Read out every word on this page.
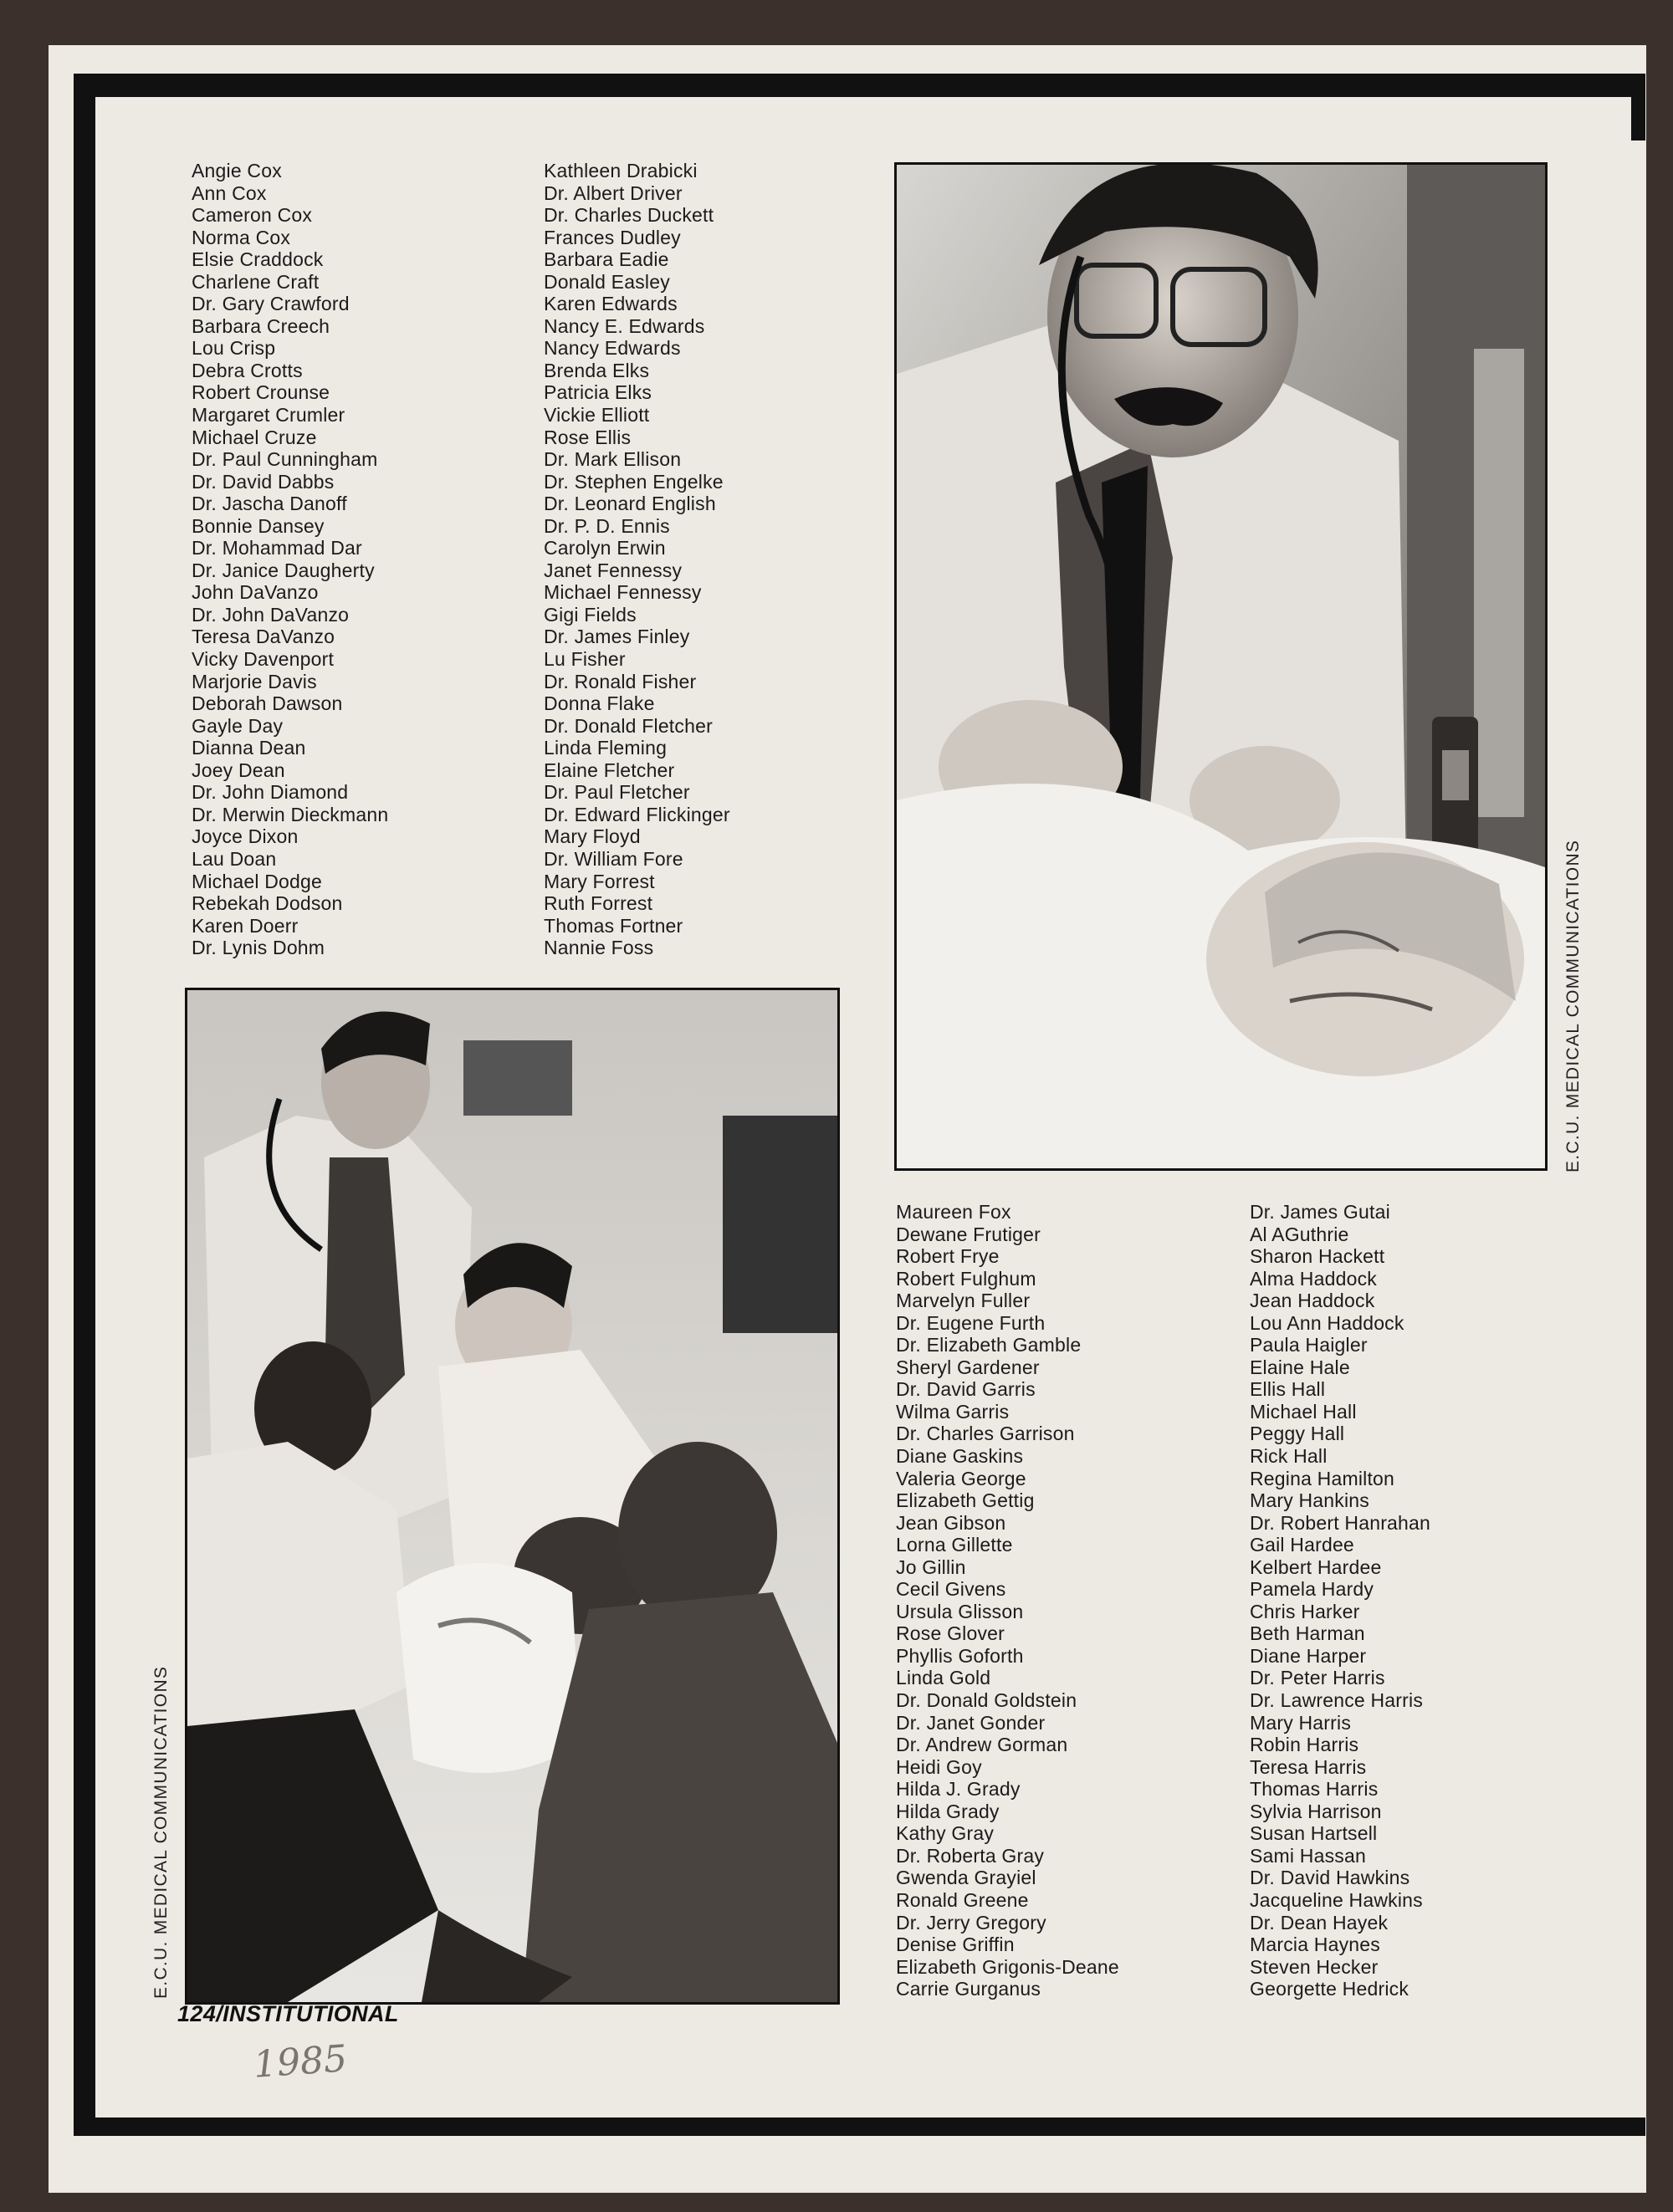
Angie Cox
Ann Cox
Cameron Cox
Norma Cox
Elsie Craddock
Charlene Craft
Dr. Gary Crawford
Barbara Creech
Lou Crisp
Debra Crotts
Robert Crounse
Margaret Crumler
Michael Cruze
Dr. Paul Cunningham
Dr. David Dabbs
Dr. Jascha Danoff
Bonnie Dansey
Dr. Mohammad Dar
Dr. Janice Daugherty
John DaVanzo
Dr. John DaVanzo
Teresa DaVanzo
Vicky Davenport
Marjorie Davis
Deborah Dawson
Gayle Day
Dianna Dean
Joey Dean
Dr. John Diamond
Dr. Merwin Dieckmann
Joyce Dixon
Lau Doan
Michael Dodge
Rebekah Dodson
Karen Doerr
Dr. Lynis Dohm
Kathleen Drabicki
Dr. Albert Driver
Dr. Charles Duckett
Frances Dudley
Barbara Eadie
Donald Easley
Karen Edwards
Nancy E. Edwards
Nancy Edwards
Brenda Elks
Patricia Elks
Vickie Elliott
Rose Ellis
Dr. Mark Ellison
Dr. Stephen Engelke
Dr. Leonard English
Dr. P. D. Ennis
Carolyn Erwin
Janet Fennessy
Michael Fennessy
Gigi Fields
Dr. James Finley
Lu Fisher
Dr. Ronald Fisher
Donna Flake
Dr. Donald Fletcher
Linda Fleming
Elaine Fletcher
Dr. Paul Fletcher
Dr. Edward Flickinger
Mary Floyd
Dr. William Fore
Mary Forrest
Ruth Forrest
Thomas Fortner
Nannie Foss
Maureen Fox
Dewane Frutiger
Robert Frye
Robert Fulghum
Marvelyn Fuller
Dr. Eugene Furth
Dr. Elizabeth Gamble
Sheryl Gardener
Dr. David Garris
Wilma Garris
Dr. Charles Garrison
Diane Gaskins
Valeria George
Elizabeth Gettig
Jean Gibson
Lorna Gillette
Jo Gillin
Cecil Givens
Ursula Glisson
Rose Glover
Phyllis Goforth
Linda Gold
Dr. Donald Goldstein
Dr. Janet Gonder
Dr. Andrew Gorman
Heidi Goy
Hilda J. Grady
Hilda Grady
Kathy Gray
Dr. Roberta Gray
Gwenda Grayiel
Ronald Greene
Dr. Jerry Gregory
Denise Griffin
Elizabeth Grigonis-Deane
Carrie Gurganus
Dr. James Gutai
Al AGuthrie
Sharon Hackett
Alma Haddock
Jean Haddock
Lou Ann Haddock
Paula Haigler
Elaine Hale
Ellis Hall
Michael Hall
Peggy Hall
Rick Hall
Regina Hamilton
Mary Hankins
Dr. Robert Hanrahan
Gail Hardee
Kelbert Hardee
Pamela Hardy
Chris Harker
Beth Harman
Diane Harper
Dr. Peter Harris
Dr. Lawrence Harris
Mary Harris
Robin Harris
Teresa Harris
Thomas Harris
Sylvia Harrison
Susan Hartsell
Sami Hassan
Dr. David Hawkins
Jacqueline Hawkins
Dr. Dean Hayek
Marcia Haynes
Steven Hecker
Georgette Hedrick
E.C.U. MEDICAL COMMUNICATIONS
E.C.U. MEDICAL COMMUNICATIONS
124/INSTITUTIONAL
1985
